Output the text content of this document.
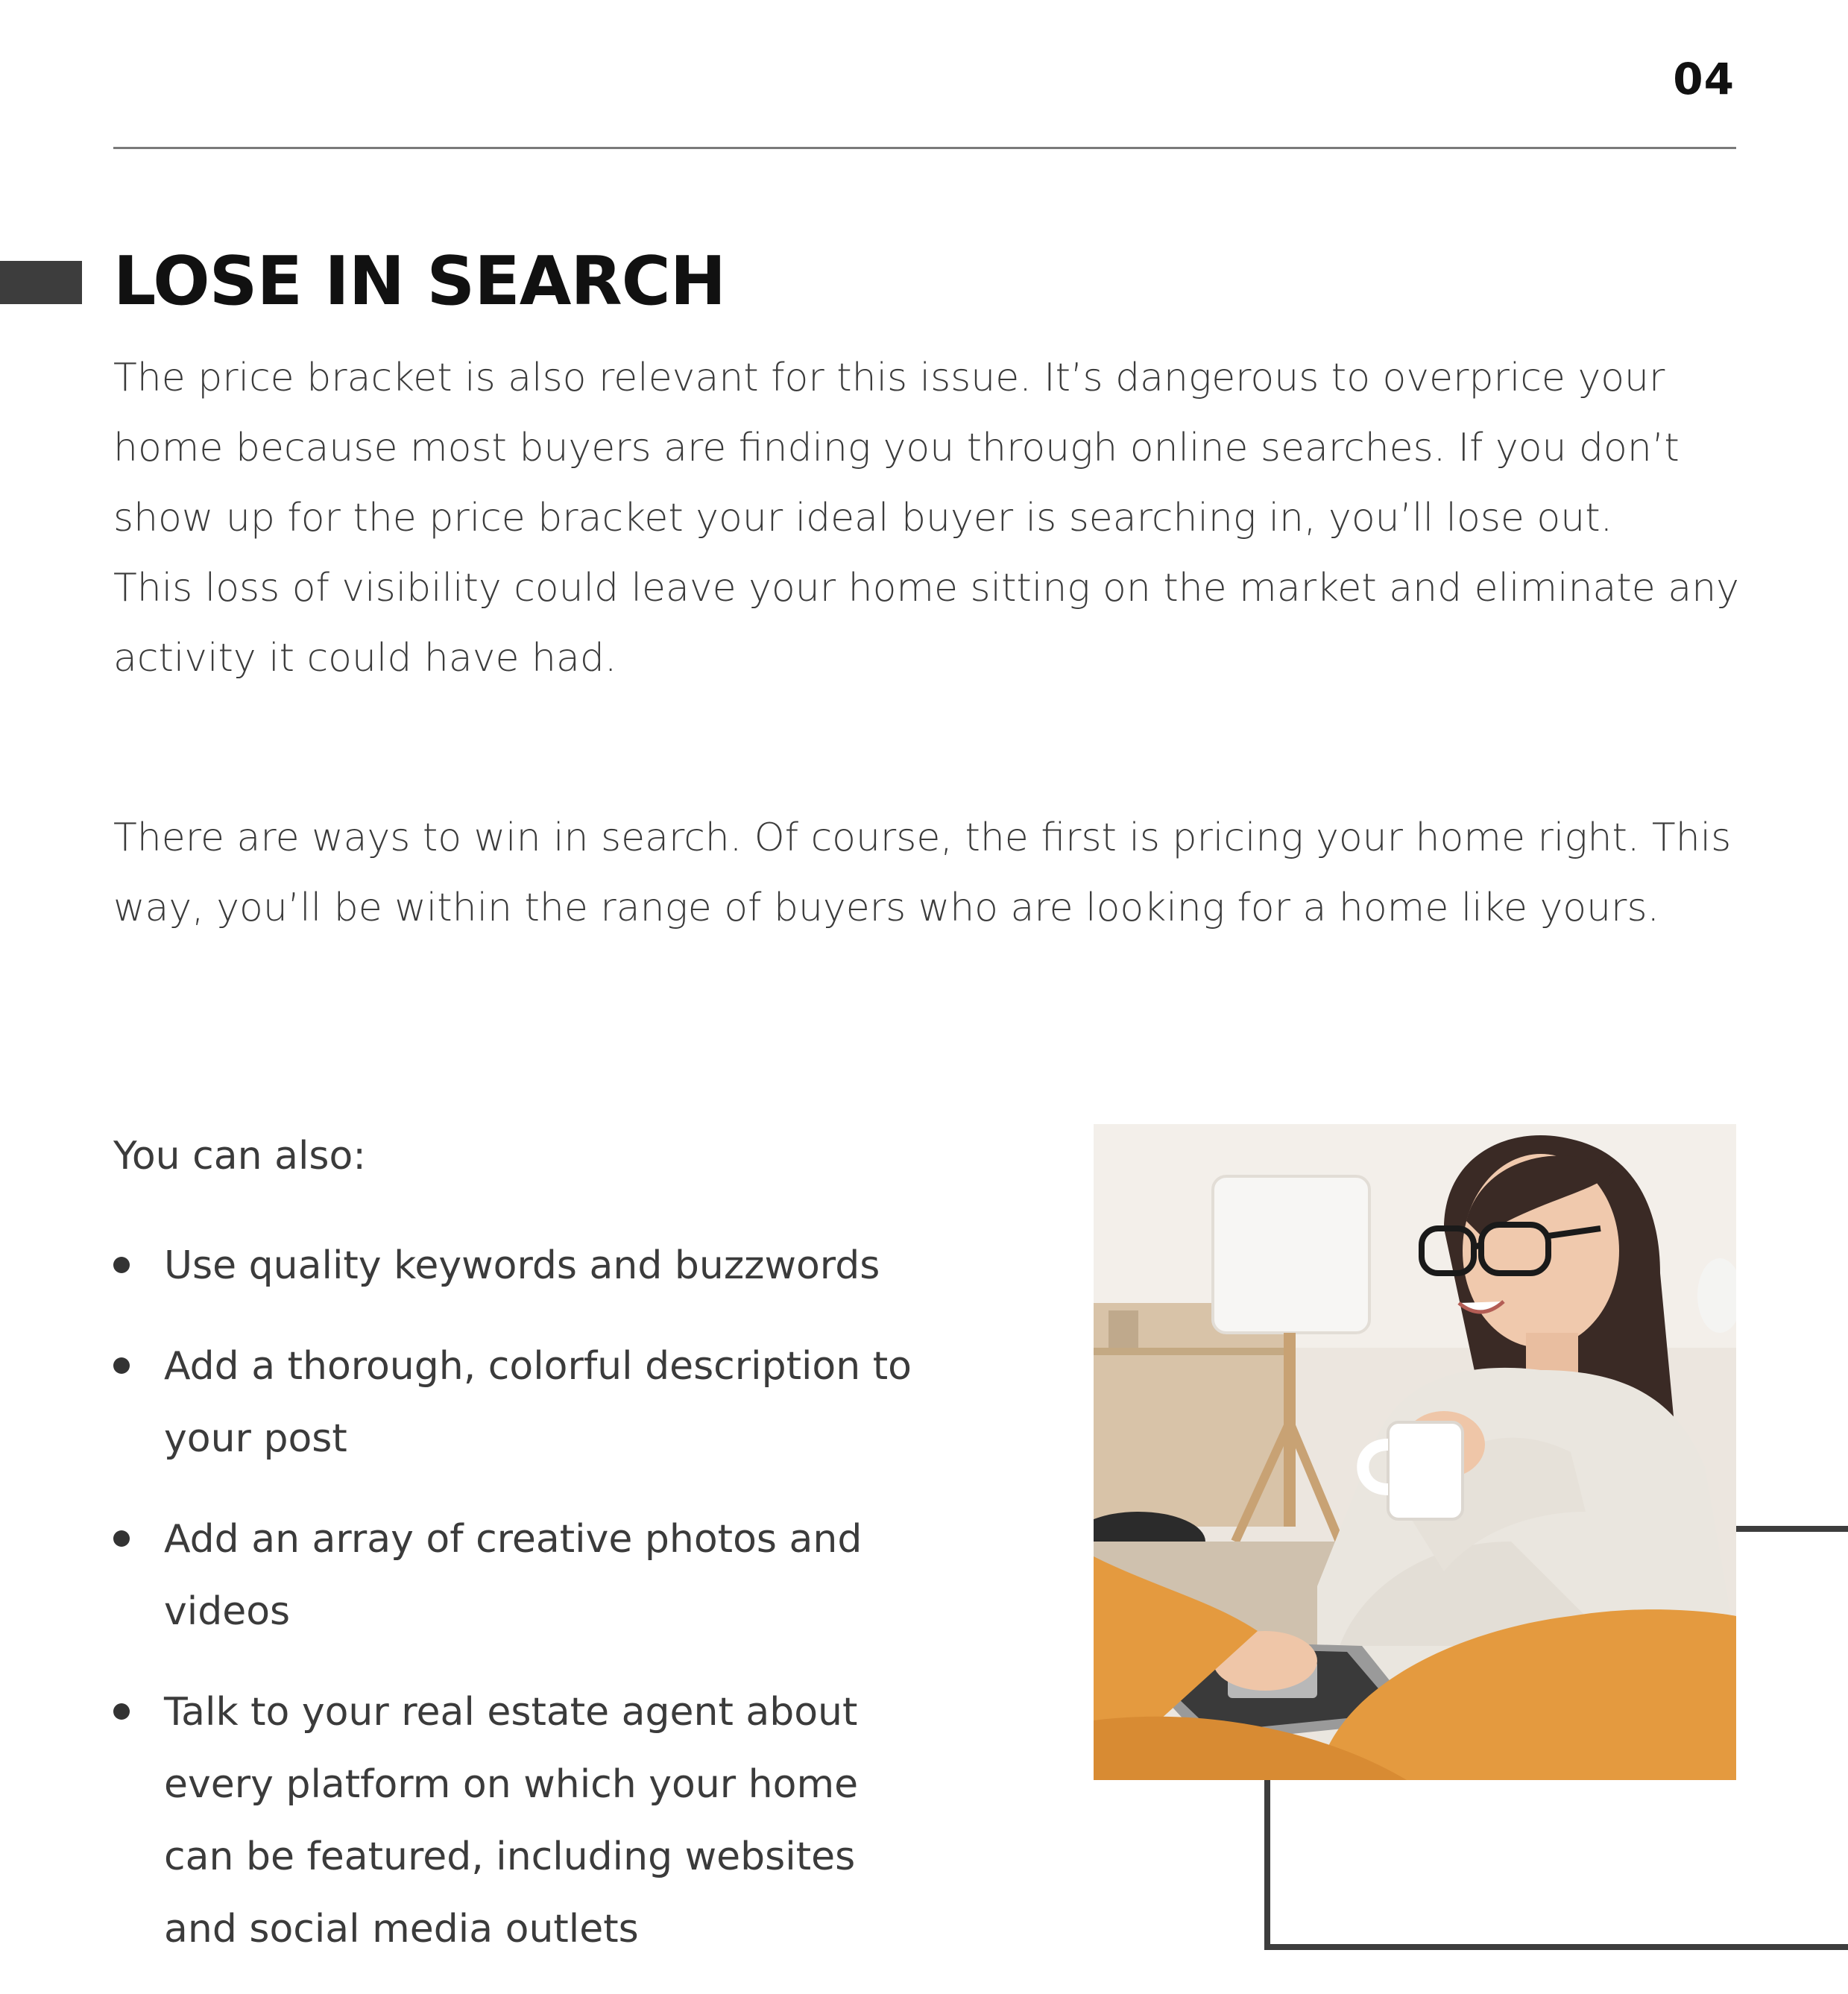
04
LOSE IN SEARCH

The price bracket is also relevant for this issue. It’s dangerous to overprice your home because most buyers are finding you through online searches. If you don’t show up for the price bracket your ideal buyer is searching in, you’ll lose out.
This loss of visibility could leave your home sitting on the market and eliminate any activity it could have had.

There are ways to win in search. Of course, the first is pricing your home right. This way, you’ll be within the range of buyers who are looking for a home like yours.

You can also:

Use quality keywords and buzzwords
Add a thorough, colorful description to your post
Add an array of creative photos and videos
Talk to your real estate agent about every platform on which your home can be featured, including websites and social media outlets
